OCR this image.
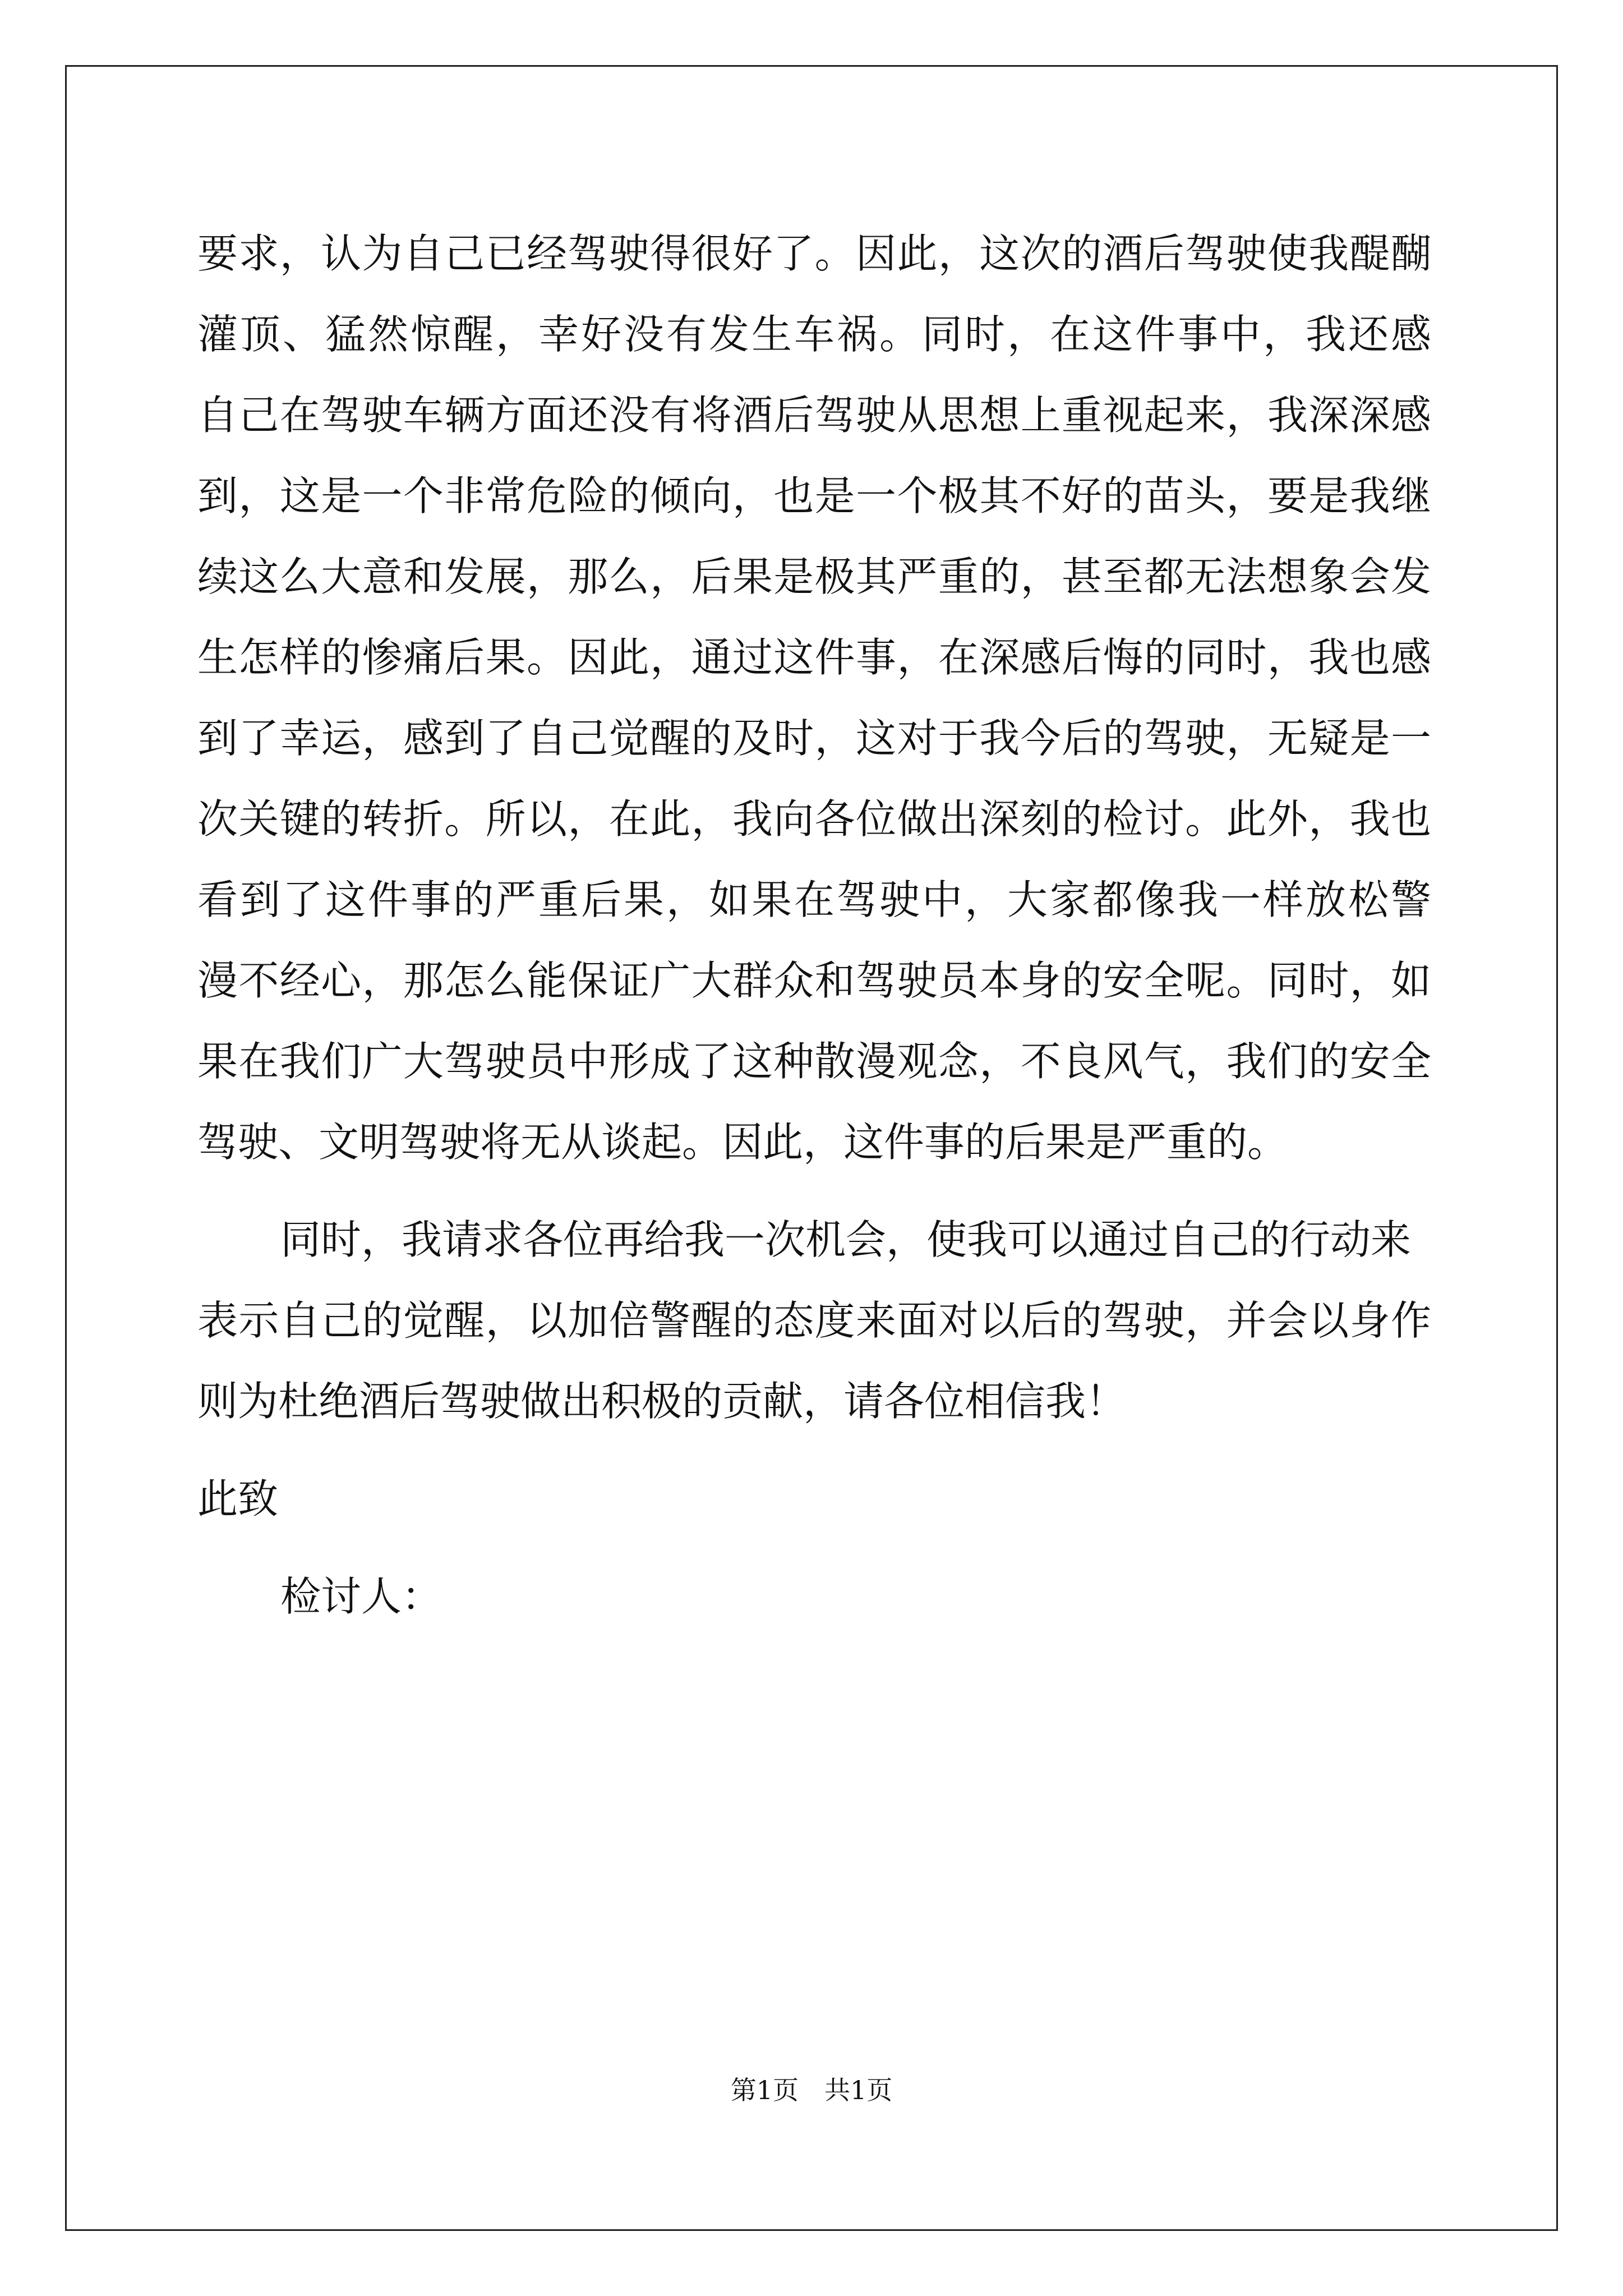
要求，认为自己已经驾驶得很好了。因此，这次的酒后驾驶使我醍醐
灌顶、猛然惊醒，幸好没有发生车祸。同时，在这件事中，我还感
自己在驾驶车辆方面还没有将酒后驾驶从思想上重视起来，我深深感
到，这是一个非常危险的倾向，也是一个极其不好的苗头，要是我继
续这么大意和发展，那么，后果是极其严重的，甚至都无法想象会发
生怎样的惨痛后果。因此，通过这件事，在深感后悔的同时，我也感
到了幸运，感到了自己觉醒的及时，这对于我今后的驾驶，无疑是一
次关键的转折。所以，在此，我向各位做出深刻的检讨。此外，我也
看到了这件事的严重后果，如果在驾驶中，大家都像我一样放松警
漫不经心，那怎么能保证广大群众和驾驶员本身的安全呢。同时，如
果在我们广大驾驶员中形成了这种散漫观念，不良风气，我们的安全
驾驶、文明驾驶将无从谈起。因此，这件事的后果是严重的。
同时，我请求各位再给我一次机会，使我可以通过自己的行动来
表示自己的觉醒，以加倍警醒的态度来面对以后的驾驶，并会以身作
则为杜绝酒后驾驶做出积极的贡献，请各位相信我！
此致
检讨人：
第1页 共1页
